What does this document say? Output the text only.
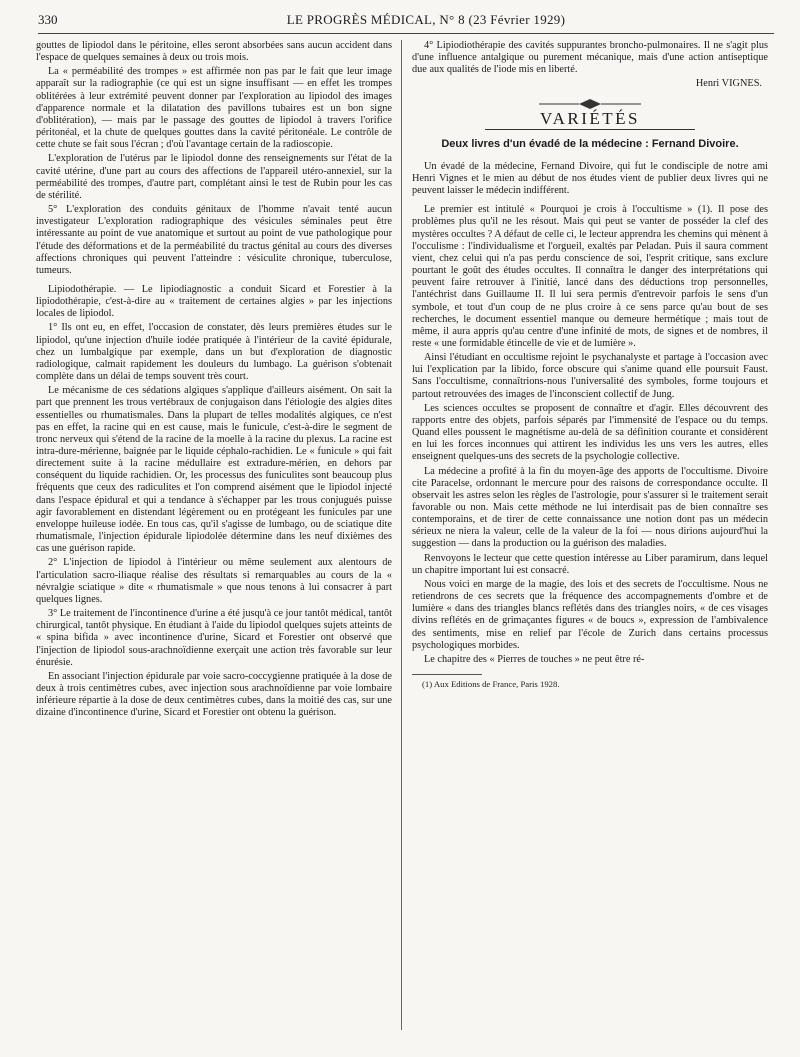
330	LE PROGRÈS MÉDICAL, N° 8 (23 Février 1929)

gouttes de lipiodol dans le péritoine, elles seront absorbées sans aucun accident dans l'espace de quelques semaines à deux ou trois mois.

La « perméabilité des trompes » est affirmée non pas par le fait que leur image apparaît sur la radiographie (ce qui est un signe insuffisant — en effet les trompes oblitérées à leur extrémité peuvent donner par l'exploration au lipiodol des images d'apparence normale et la dilatation des pavillons tubaires est un bon signe d'oblitération), — mais par le passage des gouttes de lipiodol à travers l'orifice péritonéal, et la chute de quelques gouttes dans la cavité péritonéale. Le contrôle de cette chute se fait sous l'écran ; d'où l'avantage certain de la radioscopie.

L'exploration de l'utérus par le lipiodol donne des renseignements sur l'état de la cavité utérine, d'une part au cours des affections de l'appareil utéro-annexiel, sur la perméabilité des trompes, d'autre part, complétant ainsi le test de Rubin pour les cas de stérilité.

5° L'exploration des conduits génitaux de l'homme n'avait tenté aucun investigateur L'exploration radiographique des vésicules séminales peut être intéressante au point de vue anatomique et surtout au point de vue pathologique pour l'étude des déformations et de la perméabilité du tractus génital au cours des diverses affections chroniques qui peuvent l'atteindre : vésiculite chronique, tuberculose, tumeurs.

Lipiodothérapie. — Le lipiodiagnostic a conduit Sicard et Forestier à la lipiodothérapie, c'est-à-dire au « traitement de certaines algies » par les injections locales de lipiodol.

1° Ils ont eu, en effet, l'occasion de constater, dès leurs premières études sur le lipiodol, qu'une injection d'huile iodée pratiquée à l'intérieur de la cavité épidurale, chez un lumbalgique par exemple, dans un but d'exploration de diagnostic radiologique, calmait rapidement les douleurs du lumbago. La guérison s'obtenait complète dans un délai de temps souvent très court.

Le mécanisme de ces sédations algiques s'applique d'ailleurs aisément. On sait la part que prennent les trous vertébraux de conjugaison dans l'étiologie des algies dites essentielles ou rhumatismales. Dans la plupart de telles modalités algiques, ce n'est pas en effet, la racine qui en est cause, mais le funicule, c'est-à-dire le segment de tronc nerveux qui s'étend de la racine de la moelle à la racine du plexus. La racine est intra-dure-mérienne, baignée par le liquide céphalo-rachidien. Le « funicule » qui fait directement suite à la racine médullaire est extradure-mérien, en dehors par conséquent du liquide rachidien. Or, les processus des funiculites sont beaucoup plus fréquents que ceux des radiculites et l'on comprend aisément que le lipiodol injecté dans l'espace épidural et qui a tendance à s'échapper par les trous conjugués puisse agir favorablement en distendant légèrement ou en protégeant les funicules par une enveloppe huileuse iodée. En tous cas, qu'il s'agisse de lumbago, ou de sciatique dite rhumatismale, l'injection épidurale lipiodolée détermine dans les neuf dixièmes des cas une guérison rapide.

2° L'injection de lipiodol à l'intérieur ou même seulement aux alentours de l'articulation sacro-iliaque réalise des résultats si remarquables au cours de la « névralgie sciatique » dite « rhumatismale » que nous tenons à lui consacrer à part quelques lignes.

3° Le traitement de l'incontinence d'urine a été jusqu'à ce jour tantôt médical, tantôt chirurgical, tantôt physique. En étudiant à l'aide du lipiodol quelques sujets atteints de « spina bifida » avec incontinence d'urine, Sicard et Forestier ont observé que l'injection de lipiodol sous-arachnoïdienne exerçait une action très favorable sur leur énurésie.

En associant l'injection épidurale par voie sacro-coccygienne pratiquée à la dose de deux à trois centimètres cubes, avec injection sous arachnoïdienne par voie lombaire inférieure répartie à la dose de deux centimètres cubes, dans la moitié des cas, sur une dizaine d'incontinence d'urine, Sicard et Forestier ont obtenu la guérison.

4° Lipiodiothérapie des cavités suppurantes broncho-pulmonaires. Il ne s'agit plus d'une influence antalgique ou purement mécanique, mais d'une action antiseptique due aux qualités de l'iode mis en liberté.

Henri VIGNES.
VARIÉTÉS
Deux livres d'un évadé de la médecine : Fernand Divoire.

Un évadé de la médecine, Fernand Divoire, qui fut le condisciple de notre ami Henri Vignes et le mien au début de nos études vient de publier deux livres qui ne peuvent laisser le médecin indifférent.

Le premier est intitulé « Pourquoi je crois à l'occultisme » (1). Il pose des problèmes plus qu'il ne les résout. Mais qui peut se vanter de posséder la clef des mystères occultes ? A défaut de celle ci, le lecteur apprendra les chemins qui mènent à l'occulisme : l'individualisme et l'orgueil, exaltés par Peladan. Puis il saura comment vient, chez celui qui n'a pas perdu conscience de soi, l'esprit critique, sans exclure pourtant le goût des études occultes. Il connaîtra le danger des interprétations qui peuvent faire retrouver à l'initié, lancé dans des déductions trop personnelles, l'antéchrist dans Guillaume II. Il lui sera permis d'entrevoir parfois le sens d'un symbole, et tout d'un coup de ne plus croire à ce sens parce qu'au bout de ses recherches, le document essentiel manque ou demeure hermétique ; mais tout de même, il aura appris qu'au centre d'une infinité de mots, de signes et de nombres, il reste « une formidable étincelle de vie et de lumière ».

Ainsi l'étudiant en occultisme rejoint le psychanalyste et partage à l'occasion avec lui l'explication par la libido, force obscure qui s'anime quand elle poursuit Faust. Sans l'occultisme, connaîtrions-nous l'universalité des symboles, forme toujours et partout retrouvées des images de l'inconscient collectif de Jung.

Les sciences occultes se proposent de connaître et d'agir. Elles découvrent des rapports entre des objets, parfois séparés par l'immensité de l'espace ou du temps. Quand elles poussent le magnétisme au-delà de sa définition courante et considèrent en lui les forces inconnues qui attirent les individus les uns vers les autres, elles enseignent quelques-uns des secrets de la psychologie collective.

La médecine a profité à la fin du moyen-âge des apports de l'occultisme. Divoire cite Paracelse, ordonnant le mercure pour des raisons de correspondance occulte. Il observait les astres selon les règles de l'astrologie, pour s'assurer si le traitement serait favorable ou non. Mais cette méthode ne lui interdisait pas de bien connaître ses contemporains, et de tirer de cette connaissance une notion dont pas un médecin sérieux ne niera la valeur, celle de la valeur de la foi — nous dirions aujourd'hui la suggestion — dans la production ou la guérison des maladies.

Renvoyons le lecteur que cette question intéresse au Liber paramirum, dans lequel un chapitre important lui est consacré.

Nous voici en marge de la magie, des lois et des secrets de l'occultisme. Nous ne retiendrons de ces secrets que la fréquence des accompagnements d'ombre et de lumière « dans des triangles blancs reflétés dans des triangles noirs, « de ces visages divins reflétés en de grimaçantes figures « de boucs », expression de l'ambivalence des sentiments, mise en relief par l'école de Zurich dans certains processus psychologiques morbides.

Le chapitre des « Pierres de touches » ne peut être ré-

(1) Aux Editions de France, Paris 1928.
